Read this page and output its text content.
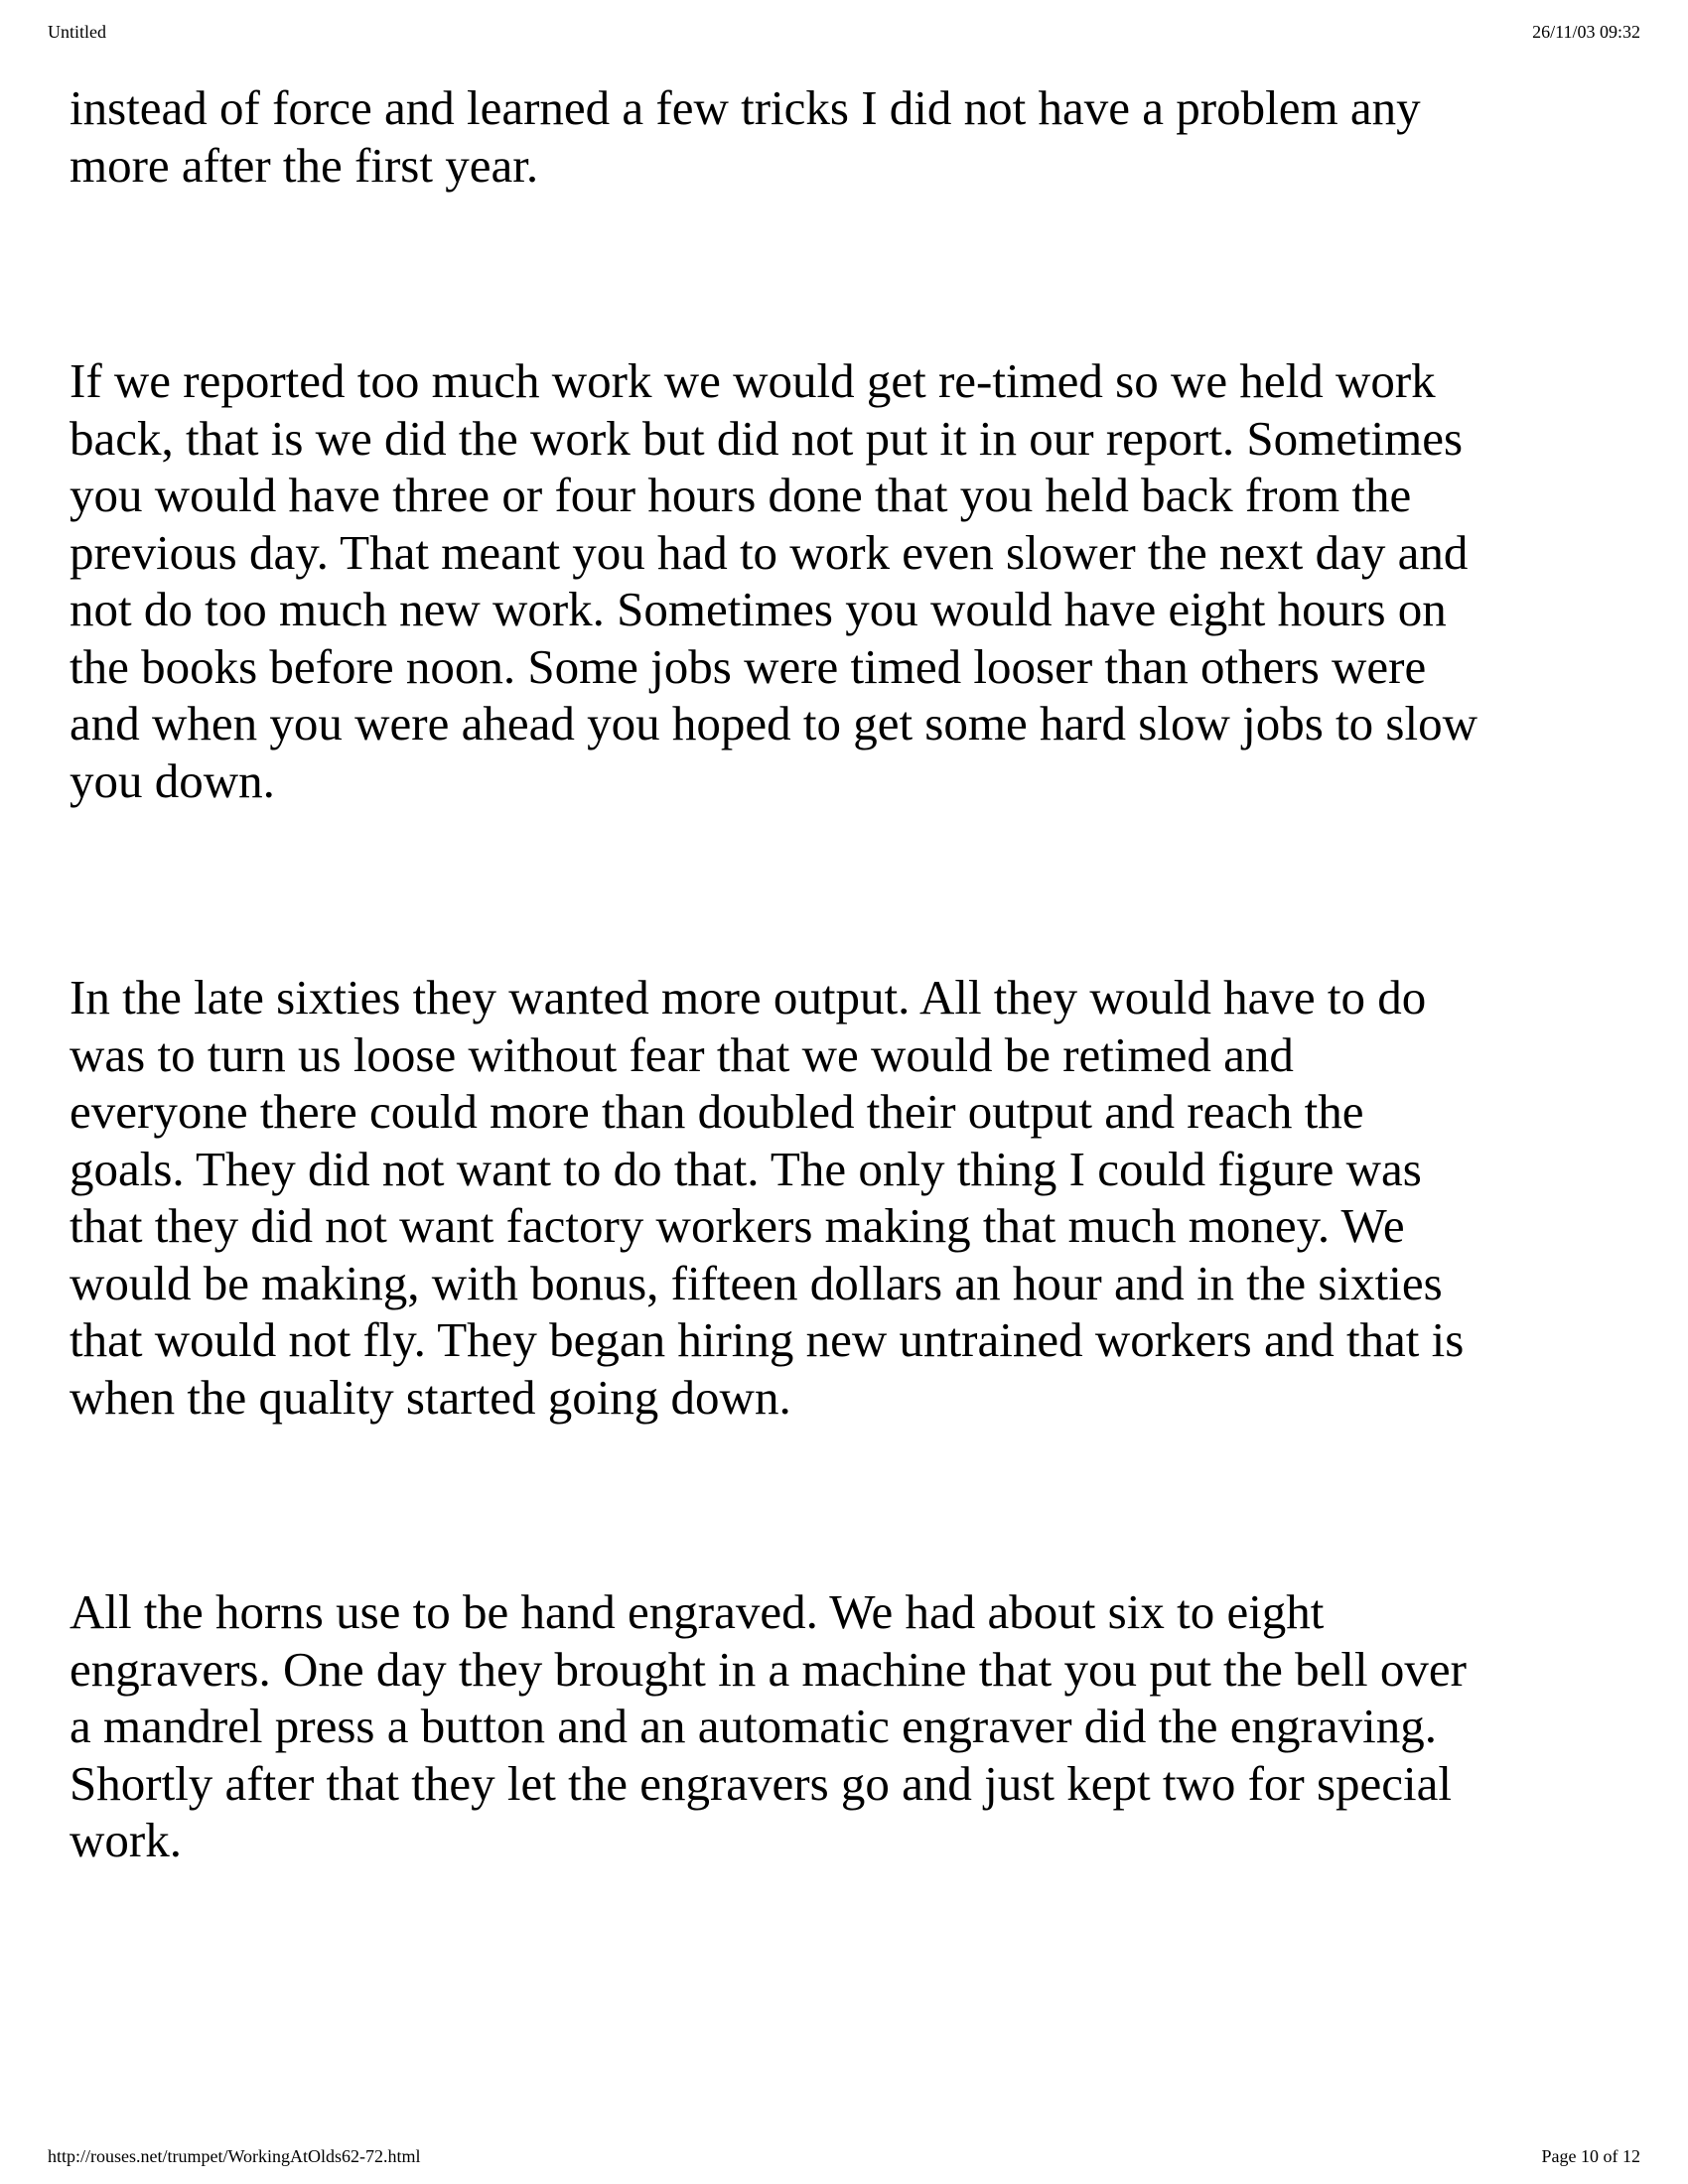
Untitled	26/11/03 09:32
instead of force and learned a few tricks I did not have a problem any
more after the first year.
If we reported too much work we would get re-timed so we held work
back, that is we did the work but did not put it in our report. Sometimes
you would have three or four hours done that you held back from the
previous day. That meant you had to work even slower the next day and
not do too much new work. Sometimes you would have eight hours on
the books before noon. Some jobs were timed looser than others were
and when you were ahead you hoped to get some hard slow jobs to slow
you down.
In the late sixties they wanted more output. All they would have to do
was to turn us loose without fear that we would be retimed and
everyone there could more than doubled their output and reach the
goals. They did not want to do that. The only thing I could figure was
that they did not want factory workers making that much money. We
would be making, with bonus, fifteen dollars an hour and in the sixties
that would not fly. They began hiring new untrained workers and that is
when the quality started going down.
All the horns use to be hand engraved. We had about six to eight
engravers. One day they brought in a machine that you put the bell over
a mandrel press a button and an automatic engraver did the engraving.
Shortly after that they let the engravers go and just kept two for special
work.
http://rouses.net/trumpet/WorkingAtOlds62-72.html	Page 10 of 12
